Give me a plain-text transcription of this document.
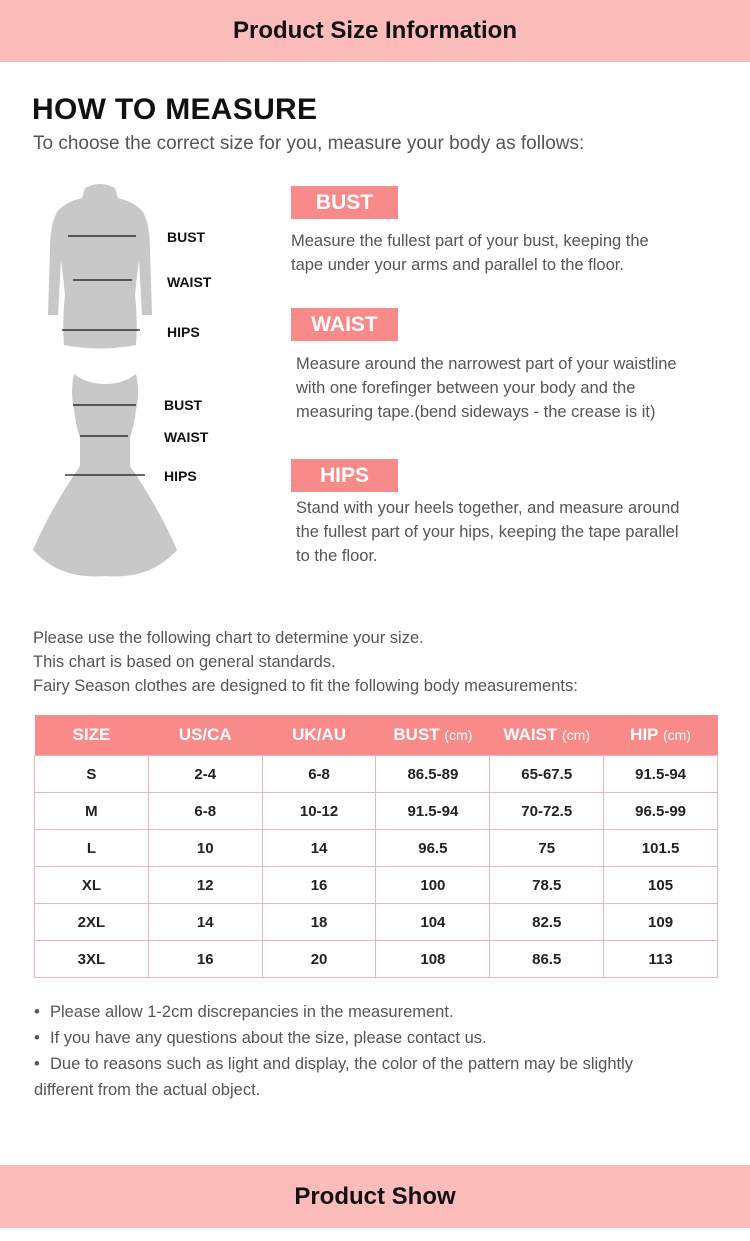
Product Size Information
HOW TO MEASURE
To choose the correct size for you, measure your body as follows:
BUST
WAIST
HIPS
BUST
WAIST
HIPS
BUST
Measure the fullest part of your bust, keeping the
tape under your arms and parallel to the floor.
WAIST
Measure around the narrowest part of your waistline
with one forefinger between your body and the
measuring tape.(bend sideways - the crease is it)
HIPS
Stand with your heels together, and measure around
the fullest part of your hips, keeping the tape parallel
to the floor.
Please use the following chart to determine your size.
This chart is based on general standards.
Fairy Season clothes are designed to fit the following body measurements:
SIZE	US/CA	UK/AU	BUST (cm)	WAIST (cm)	HIP (cm)
S	2-4	6-8	86.5-89	65-67.5	91.5-94
M	6-8	10-12	91.5-94	70-72.5	96.5-99
L	10	14	96.5	75	101.5
XL	12	16	100	78.5	105
2XL	14	18	104	82.5	109
3XL	16	20	108	86.5	113
• Please allow 1-2cm discrepancies in the measurement.
• If you have any questions about the size, please contact us.
• Due to reasons such as light and display, the color of the pattern may be slightly
different from the actual object.
Product Show
